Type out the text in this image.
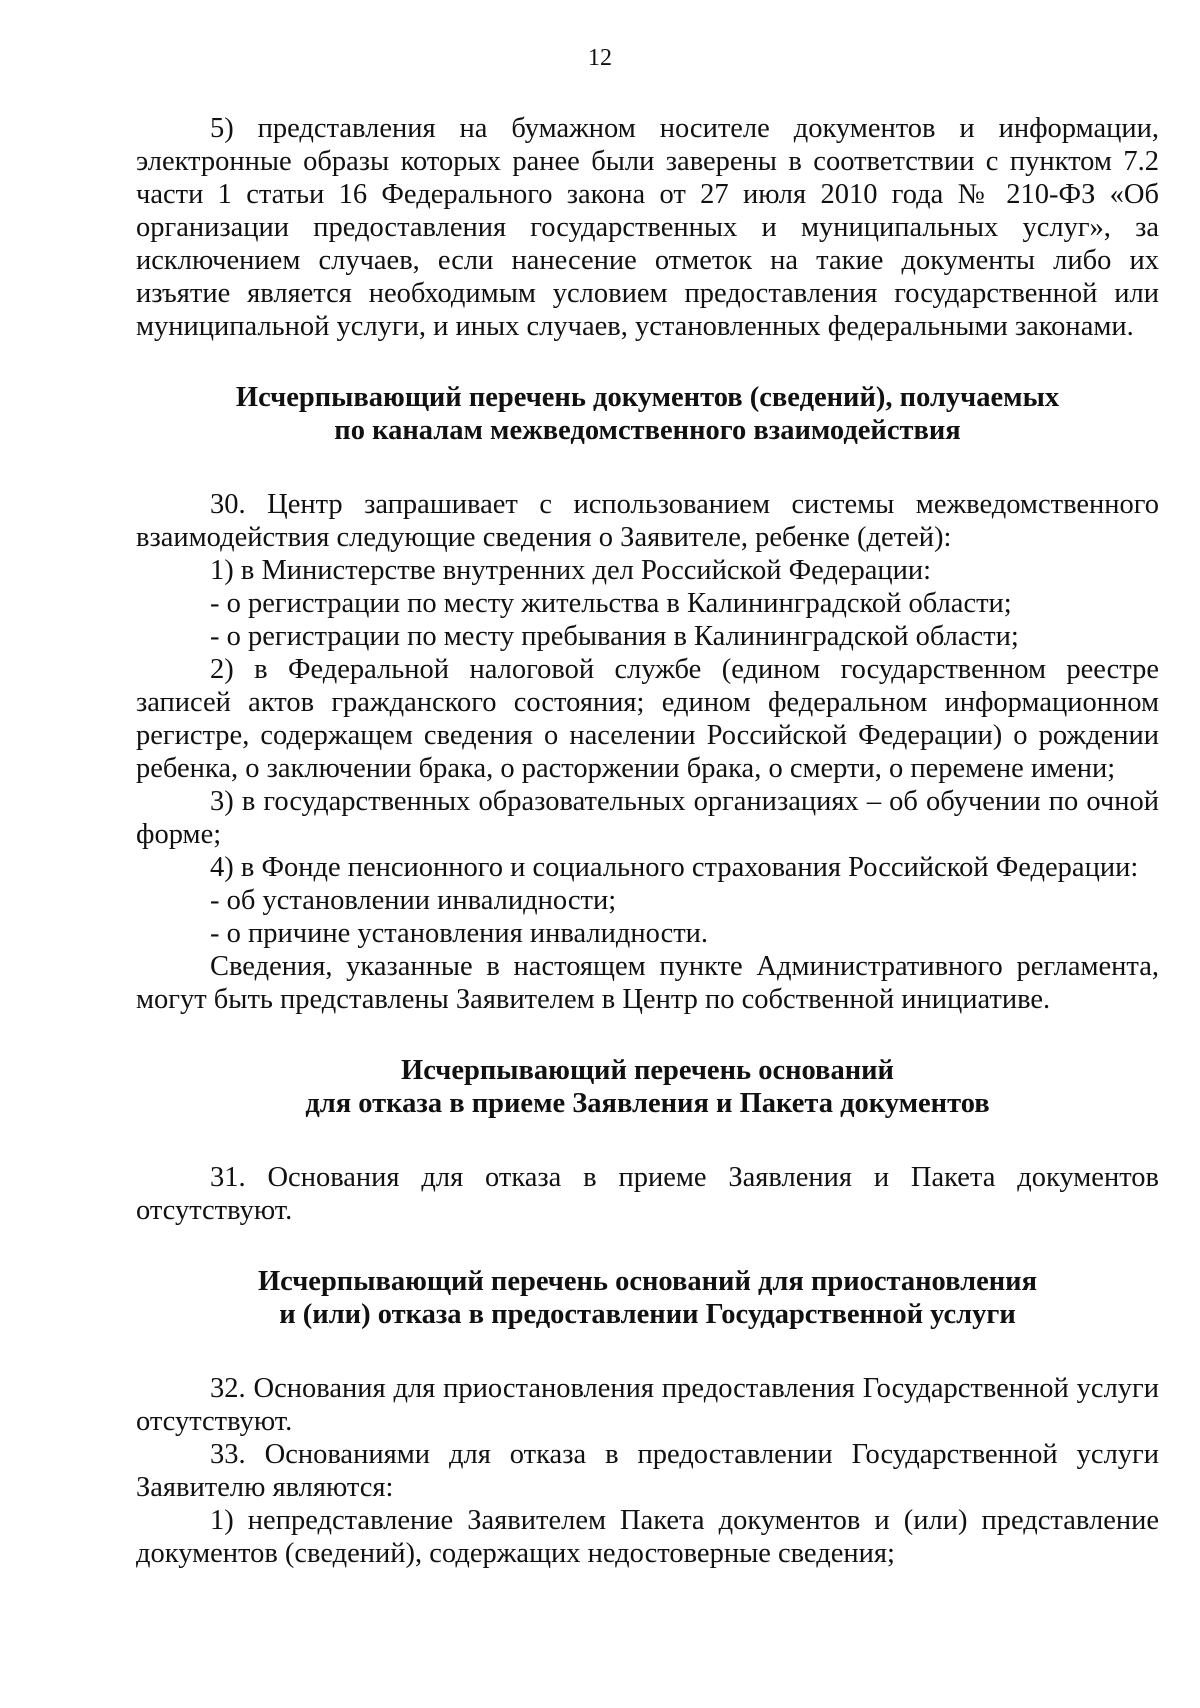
12

5) представления на бумажном носителе документов и информации, электронные образы которых ранее были заверены в соответствии с пунктом 7.2 части 1 статьи 16 Федерального закона от 27 июля 2010 года № 210-ФЗ «Об организации предоставления государственных и муниципальных услуг», за исключением случаев, если нанесение отметок на такие документы либо их изъятие является необходимым условием предоставления государственной или муниципальной услуги, и иных случаев, установленных федеральными законами.

Исчерпывающий перечень документов (сведений), получаемых
по каналам межведомственного взаимодействия

30. Центр запрашивает с использованием системы межведомственного взаимодействия следующие сведения о Заявителе, ребенке (детей):

1) в Министерстве внутренних дел Российской Федерации:

- о регистрации по месту жительства в Калининградской области;

- о регистрации по месту пребывания в Калининградской области;

2) в Федеральной налоговой службе (едином государственном реестре записей актов гражданского состояния; едином федеральном информационном регистре, содержащем сведения о населении Российской Федерации) о рождении ребенка, о заключении брака, о расторжении брака, о смерти, о перемене имени;

3) в государственных образовательных организациях – об обучении по очной форме;

4) в Фонде пенсионного и социального страхования Российской Федерации:

- об установлении инвалидности;

- о причине установления инвалидности.

Сведения, указанные в настоящем пункте Административного регламента, могут быть представлены Заявителем в Центр по собственной инициативе.

Исчерпывающий перечень оснований
для отказа в приеме Заявления и Пакета документов

31. Основания для отказа в приеме Заявления и Пакета документов отсутствуют.

Исчерпывающий перечень оснований для приостановления
и (или) отказа в предоставлении Государственной услуги

32. Основания для приостановления предоставления Государственной услуги отсутствуют.

33. Основаниями для отказа в предоставлении Государственной услуги Заявителю являются:

1) непредставление Заявителем Пакета документов и (или) представление документов (сведений), содержащих недостоверные сведения;
